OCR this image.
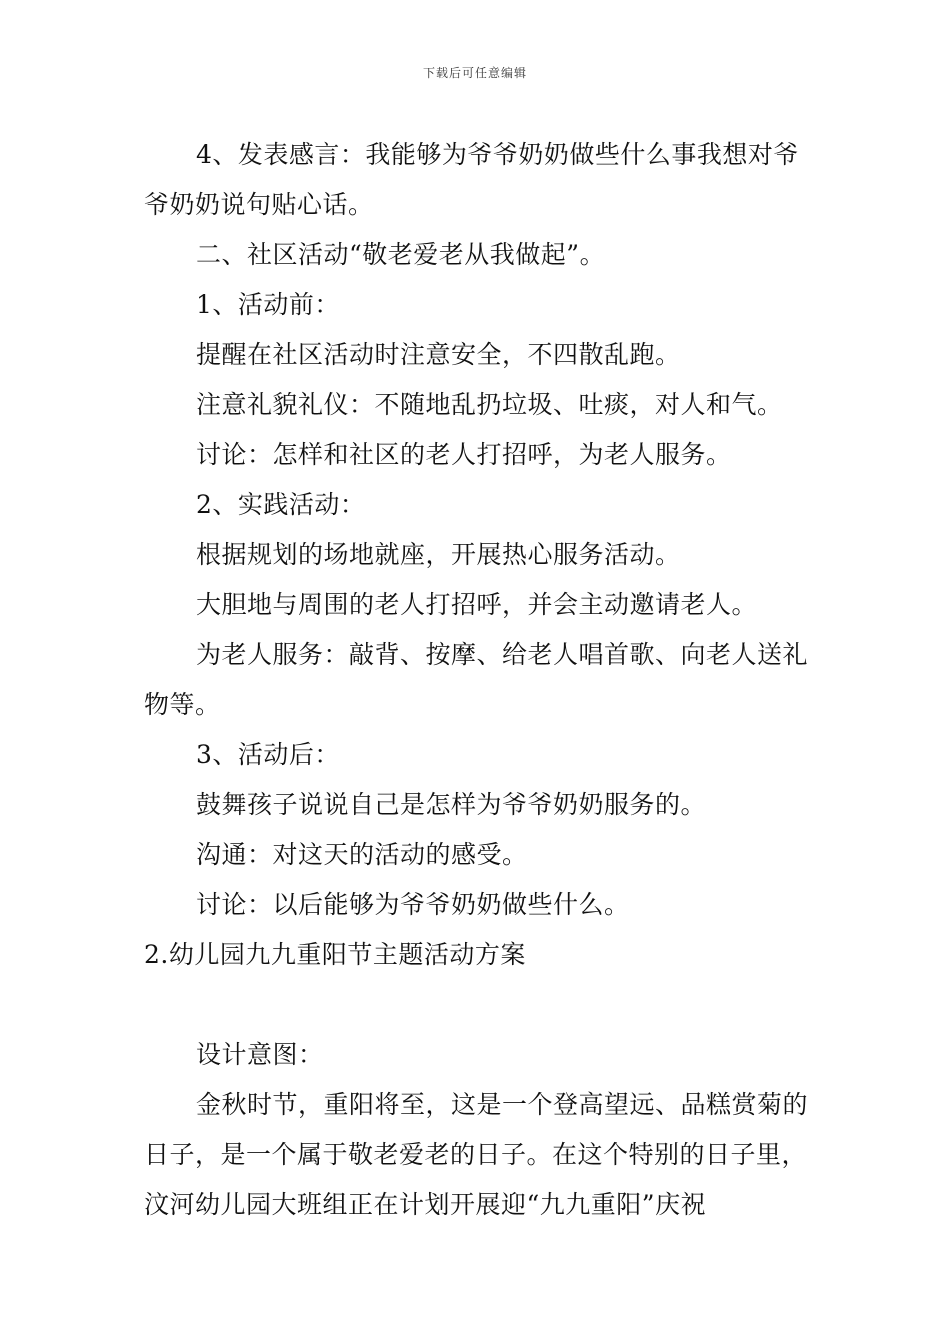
下载后可任意编辑

4、发表感言：我能够为爷爷奶奶做些什么事我想对爷爷奶奶说句贴心话。

二、社区活动“敬老爱老从我做起”。

1、活动前：

提醒在社区活动时注意安全，不四散乱跑。

注意礼貌礼仪：不随地乱扔垃圾、吐痰，对人和气。

讨论：怎样和社区的老人打招呼，为老人服务。

2、实践活动：

根据规划的场地就座，开展热心服务活动。

大胆地与周围的老人打招呼，并会主动邀请老人。

为老人服务：敲背、按摩、给老人唱首歌、向老人送礼物等。

3、活动后：

鼓舞孩子说说自己是怎样为爷爷奶奶服务的。

沟通：对这天的活动的感受。

讨论：以后能够为爷爷奶奶做些什么。

2.幼儿园九九重阳节主题活动方案

设计意图：

金秋时节，重阳将至，这是一个登高望远、品糕赏菊的日子，是一个属于敬老爱老的日子。在这个特别的日子里，汶河幼儿园大班组正在计划开展迎“九九重阳”庆祝
